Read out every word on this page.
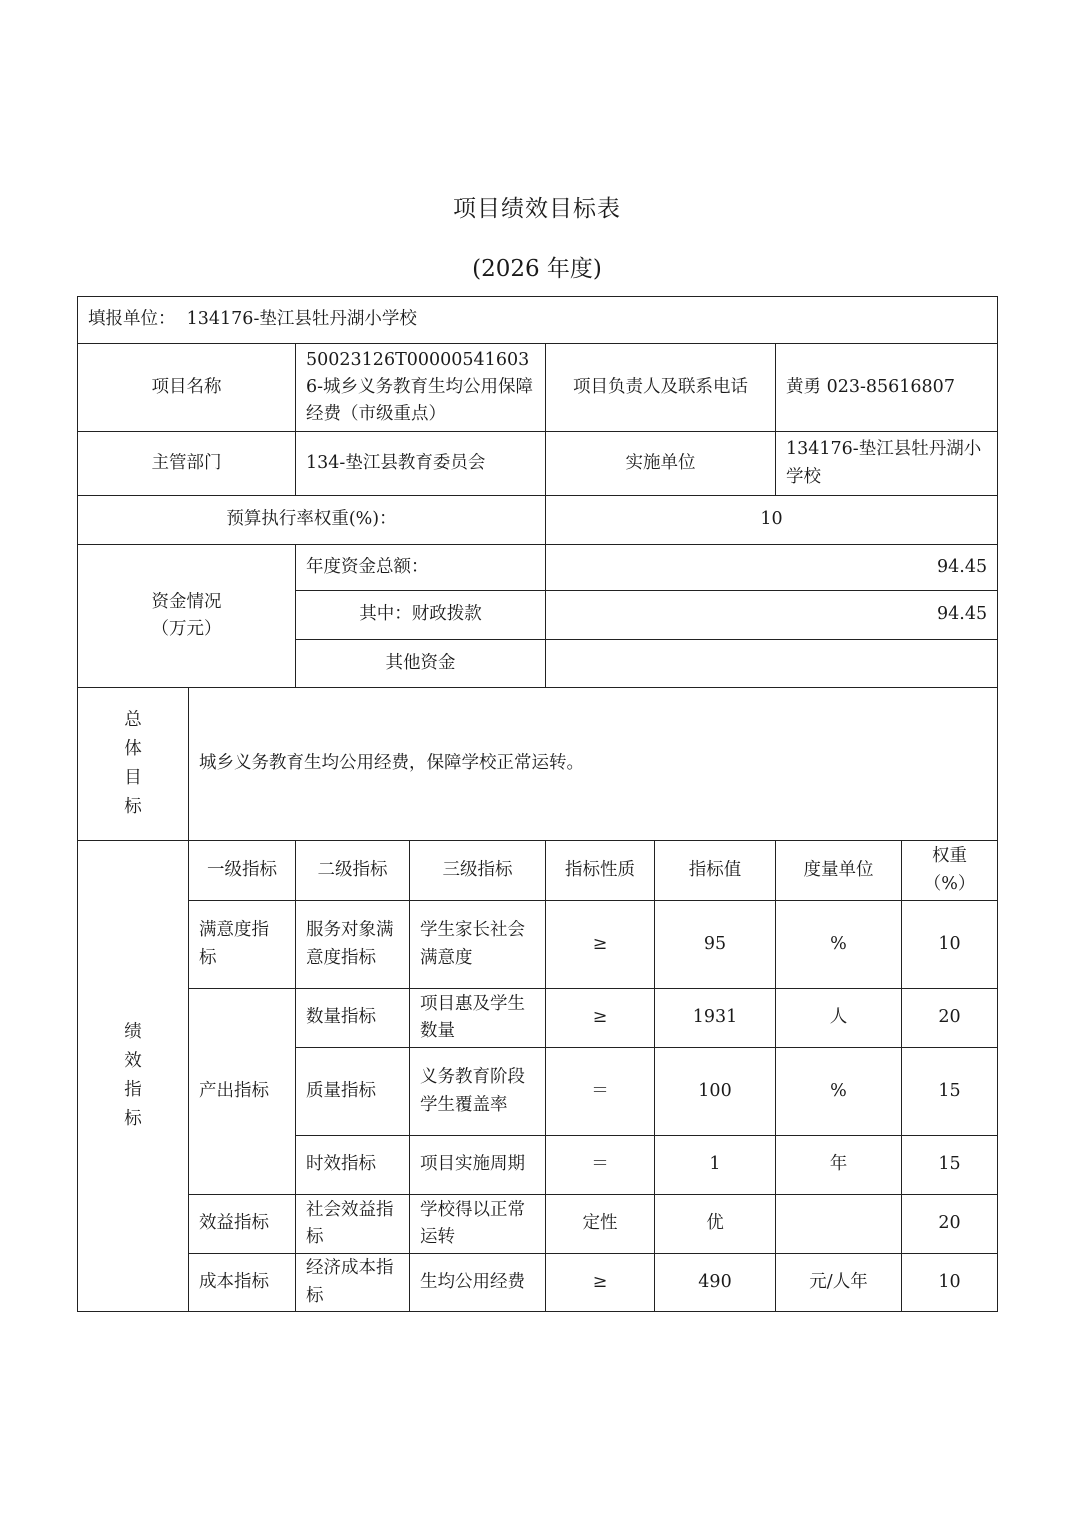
项目绩效目标表
(2026 年度)
填报单位： 134176-垫江县牡丹湖小学校							
项目名称		50023126T000005416036-城乡义务教育生均公用保障经费（市级重点）		项目负责人及联系电话		黄勇 023-85616807	
主管部门		134-垫江县教育委员会		实施单位		134176-垫江县牡丹湖小学校	
预算执行率权重(%)：				10			
资金情况
（万元）		年度资金总额：		94.45			
		其中：财政拨款		94.45			
		其他资金					

总
体
目
标	城乡义务教育生均公用经费，保障学校正常运转。						

绩
效
指
标	一级指标	二级指标	三级指标	指标性质	指标值	度量单位	权重（%）
	满意度指标	服务对象满意度指标	学生家长社会满意度	≥	95	%	10
	产出指标	数量指标	项目惠及学生数量	≥	1931	人	20
		质量指标	义务教育阶段学生覆盖率	＝	100	%	15
		时效指标	项目实施周期	＝	1	年	15
	效益指标	社会效益指标	学校得以正常运转	定性	优		20
	成本指标	经济成本指标	生均公用经费	≥	490	元/人年	10
